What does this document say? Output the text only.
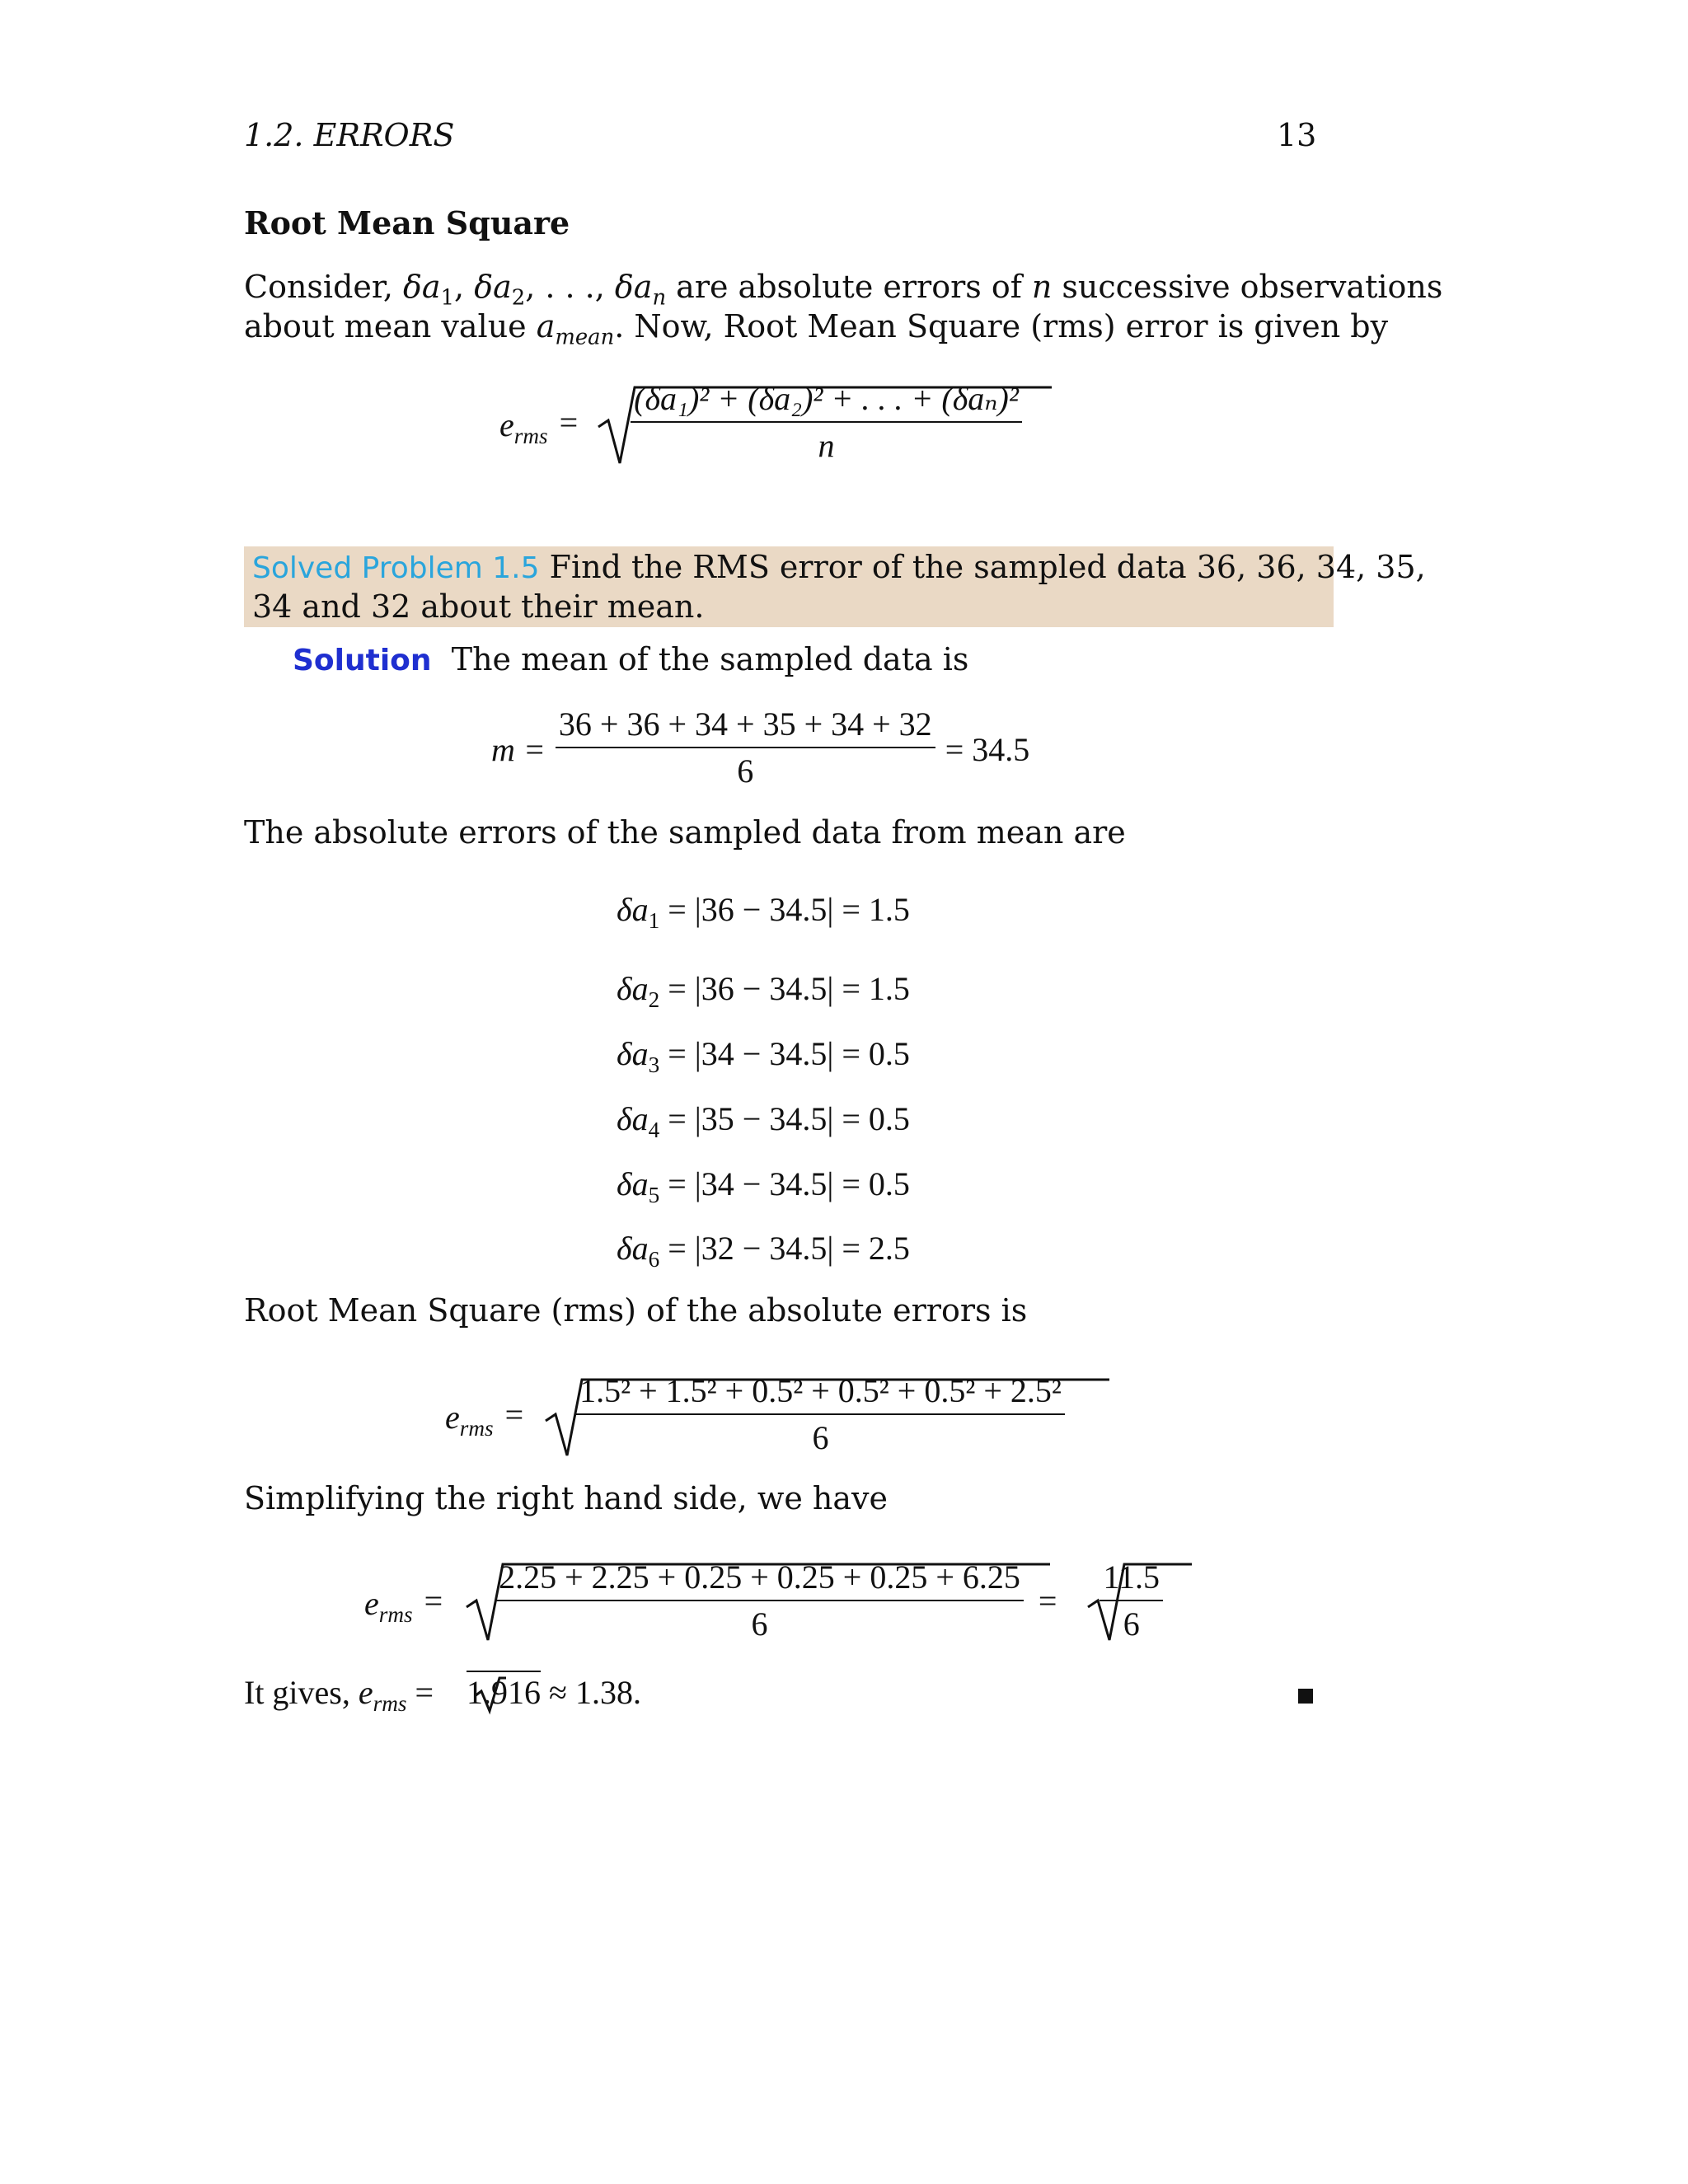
1.2. ERRORS	13
Root Mean Square
Consider, $\delta a_1$, $\delta a_2$, . . ., $\delta a_n$ are absolute errors of n successive observations
about mean value $a_{mean}$. Now, Root Mean Square (rms) error is given by
$e_{rms} = \frac{\text{(δa₁)² + (δa₂)² + . . . + (δaₙ)²}}{n}$
Solved Problem 1.5 Find the RMS error of the sampled data 36, 36, 34, 35,
34 and 32 about their mean.
Solution The mean of the sampled data is
$m = \frac{36 + 36 + 34 + 35 + 34 + 32}{6} = 34.5$
The absolute errors of the sampled data from mean are
$\delta a_1 = |36 - 34.5| = 1.5$
$\delta a_2 = |36 - 34.5| = 1.5$
$\delta a_3 = |34 - 34.5| = 0.5$
$\delta a_4 = |35 - 34.5| = 0.5$
$\delta a_5 = |34 - 34.5| = 0.5$
$\delta a_6 = |32 - 34.5| = 2.5$
Root Mean Square (rms) of the absolute errors is
$e_{rms} = \frac{\text{1.5² + 1.5² + 0.5² + 0.5² + 0.5² + 2.5²}}{6}$
Simplifying the right hand side, we have
$e_{rms} = \frac{2.25 + 2.25 + 0.25 + 0.25 + 0.25 + 6.25}{6} = \frac{11.5}{6}$
It gives, $e_{rms} = 1.916 \approx 1.38$.
